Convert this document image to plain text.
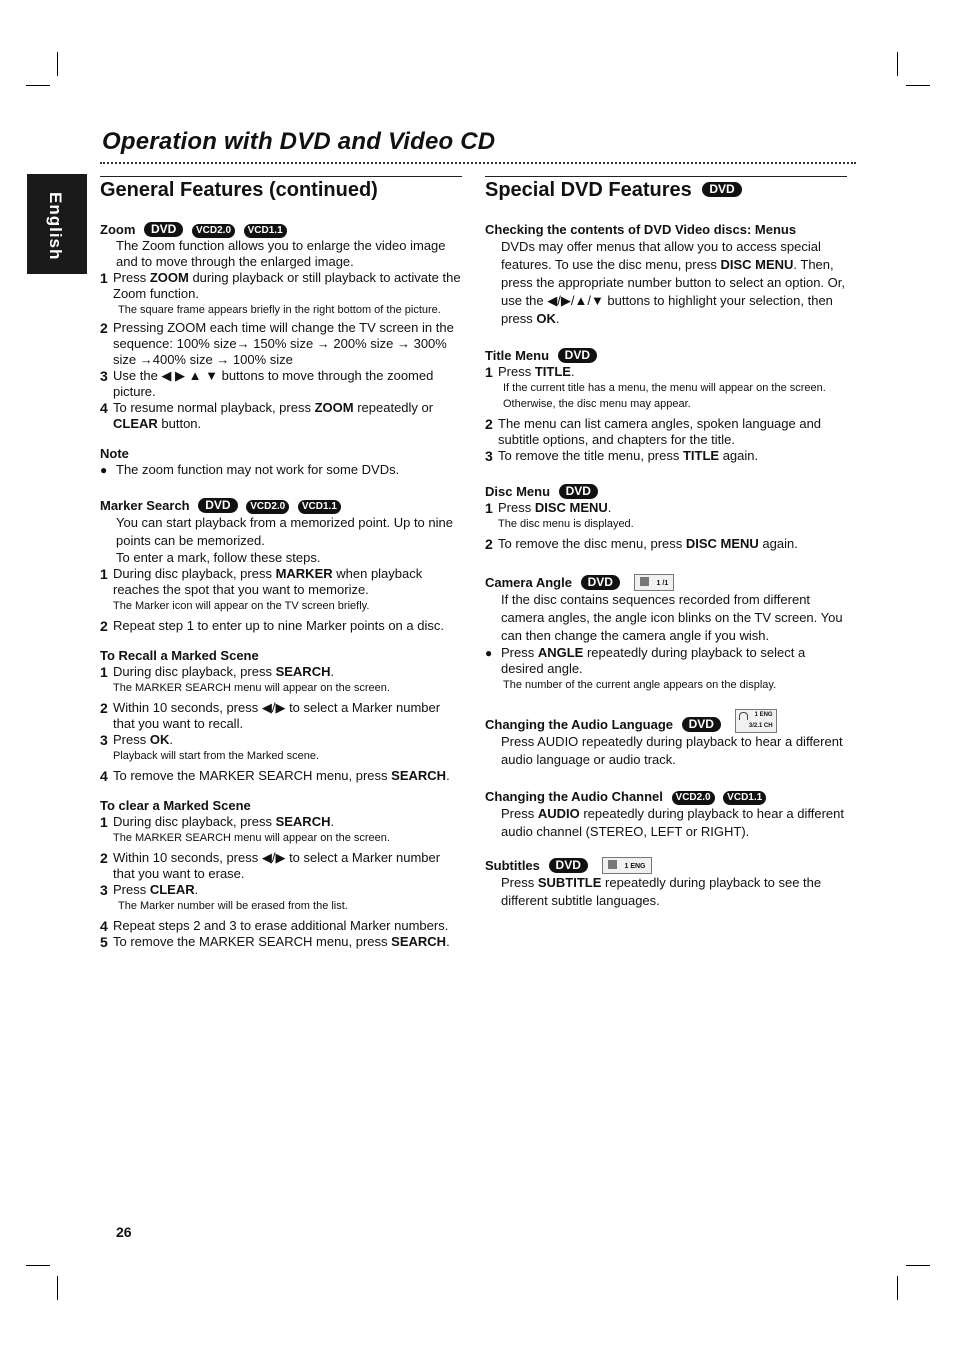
Operation with DVD and Video CD
English
General Features (continued)
Zoom DVD VCD2.0 VCD1.1
The Zoom function allows you to enlarge the video image and to move through the enlarged image.
1 Press ZOOM during playback or still playback to activate the Zoom function.
The square frame appears briefly in the right bottom of the picture.
2 Pressing ZOOM each time will change the TV screen in the sequence: 100% size→ 150% size → 200% size → 300% size →400% size → 100% size
3 Use the ◀ ▶ ▲ ▼ buttons to move through the zoomed picture.
4 To resume normal playback, press ZOOM repeatedly or CLEAR button.
Note
● The zoom function may not work for some DVDs.
Marker Search DVD VCD2.0 VCD1.1
You can start playback from a memorized point. Up to nine points can be memorized.
To enter a mark, follow these steps.
1 During disc playback, press MARKER when playback reaches the spot that you want to memorize.
The Marker icon will appear on the TV screen briefly.
2 Repeat step 1 to enter up to nine Marker points on a disc.
To Recall a Marked Scene
1 During disc playback, press SEARCH.
The MARKER SEARCH menu will appear on the screen.
2 Within 10 seconds, press ◀/▶ to select a Marker number that you want to recall.
3 Press OK.
Playback will start from the Marked scene.
4 To remove the MARKER SEARCH menu, press SEARCH.
To clear a Marked Scene
1 During disc playback, press SEARCH.
The MARKER SEARCH menu will appear on the screen.
2 Within 10 seconds, press ◀/▶ to select a Marker number that you want to erase.
3 Press CLEAR.
The Marker number will be erased from the list.
4 Repeat steps 2 and 3 to erase additional Marker numbers.
5 To remove the MARKER SEARCH menu, press SEARCH.
Special DVD Features DVD
Checking the contents of DVD Video discs: Menus
DVDs may offer menus that allow you to access special features. To use the disc menu, press DISC MENU. Then, press the appropriate number button to select an option. Or, use the ◀/▶/▲/▼ buttons to highlight your selection, then press OK.
Title Menu DVD
1 Press TITLE.
If the current title has a menu, the menu will appear on the screen. Otherwise, the disc menu may appear.
2 The menu can list camera angles, spoken language and subtitle options, and chapters for the title.
3 To remove the title menu, press TITLE again.
Disc Menu DVD
1 Press DISC MENU.
The disc menu is displayed.
2 To remove the disc menu, press DISC MENU again.
Camera Angle DVD	1 /1
If the disc contains sequences recorded from different camera angles, the angle icon blinks on the TV screen. You can then change the camera angle if you wish.
● Press ANGLE repeatedly during playback to select a desired angle.
The number of the current angle appears on the display.
Changing the Audio Language DVD
1 ENG
3/2.1 CH
Press AUDIO repeatedly during playback to hear a different audio language or audio track.
Changing the Audio Channel VCD2.0 VCD1.1
Press AUDIO repeatedly during playback to hear a different audio channel (STEREO, LEFT or RIGHT).
Subtitles DVD	1 ENG
Press SUBTITLE repeatedly during playback to see the different subtitle languages.
26
